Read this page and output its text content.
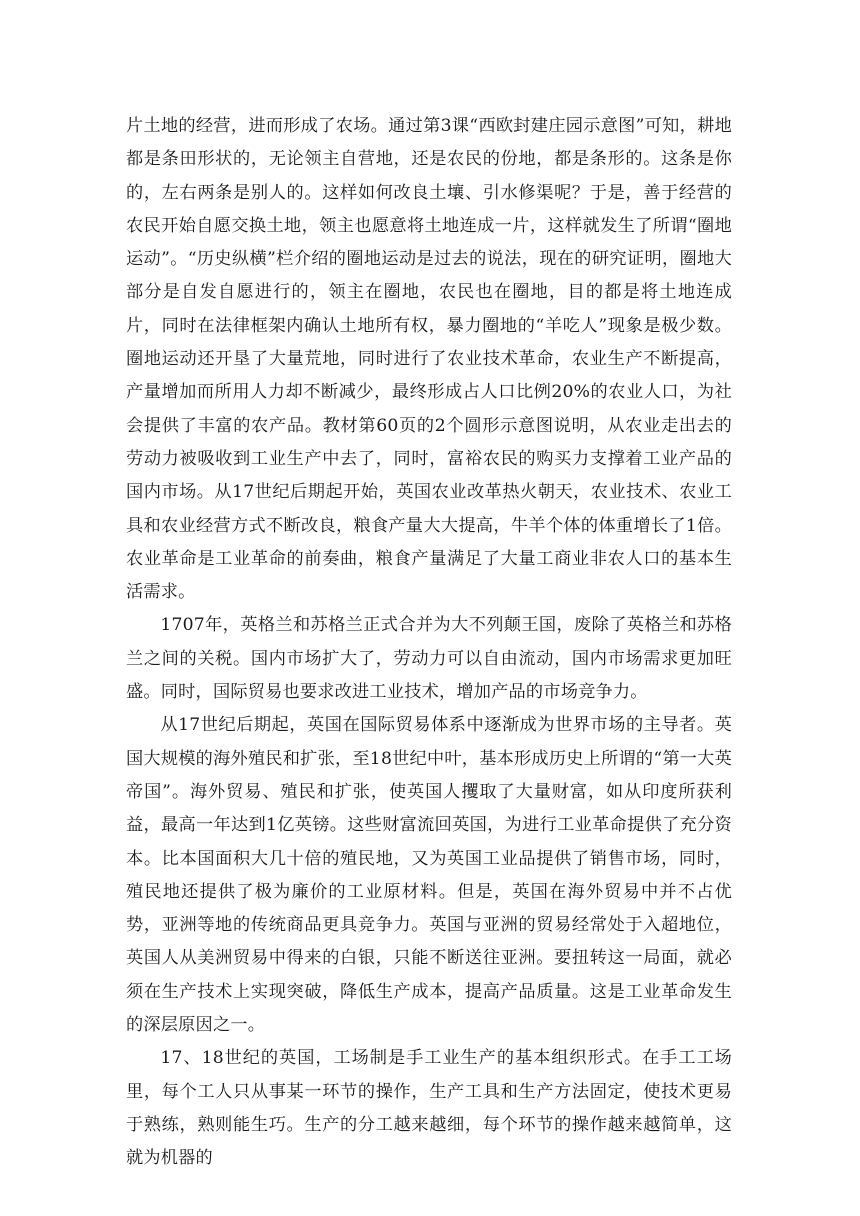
片土地的经营，进而形成了农场。通过第3课“西欧封建庄园示意图”可知，耕地都是条田形状的，无论领主自营地，还是农民的份地，都是条形的。这条是你的，左右两条是别人的。这样如何改良土壤、引水修渠呢？于是，善于经营的农民开始自愿交换土地，领主也愿意将土地连成一片，这样就发生了所谓“圈地运动”。“历史纵横”栏介绍的圈地运动是过去的说法，现在的研究证明，圈地大部分是自发自愿进行的，领主在圈地，农民也在圈地，目的都是将土地连成片，同时在法律框架内确认土地所有权，暴力圈地的“羊吃人”现象是极少数。圈地运动还开垦了大量荒地，同时进行了农业技术革命，农业生产不断提高，产量增加而所用人力却不断减少，最终形成占人口比例20%的农业人口，为社会提供了丰富的农产品。教材第60页的2个圆形示意图说明，从农业走出去的劳动力被吸收到工业生产中去了，同时，富裕农民的购买力支撑着工业产品的国内市场。从17世纪后期起开始，英国农业改革热火朝天，农业技术、农业工具和农业经营方式不断改良，粮食产量大大提高，牛羊个体的体重增长了1倍。农业革命是工业革命的前奏曲，粮食产量满足了大量工商业非农人口的基本生活需求。

1707年，英格兰和苏格兰正式合并为大不列颠王国，废除了英格兰和苏格兰之间的关税。国内市场扩大了，劳动力可以自由流动，国内市场需求更加旺盛。同时，国际贸易也要求改进工业技术，增加产品的市场竞争力。

从17世纪后期起，英国在国际贸易体系中逐渐成为世界市场的主导者。英国大规模的海外殖民和扩张，至18世纪中叶，基本形成历史上所谓的“第一大英帝国”。海外贸易、殖民和扩张，使英国人攫取了大量财富，如从印度所获利益，最高一年达到1亿英镑。这些财富流回英国，为进行工业革命提供了充分资本。比本国面积大几十倍的殖民地，又为英国工业品提供了销售市场，同时，殖民地还提供了极为廉价的工业原材料。但是，英国在海外贸易中并不占优势，亚洲等地的传统商品更具竞争力。英国与亚洲的贸易经常处于入超地位，英国人从美洲贸易中得来的白银，只能不断送往亚洲。要扭转这一局面，就必须在生产技术上实现突破，降低生产成本，提高产品质量。这是工业革命发生的深层原因之一。

17、18世纪的英国，工场制是手工业生产的基本组织形式。在手工工场里，每个工人只从事某一环节的操作，生产工具和生产方法固定，使技术更易于熟练，熟则能生巧。生产的分工越来越细，每个环节的操作越来越简单，这就为机器的
